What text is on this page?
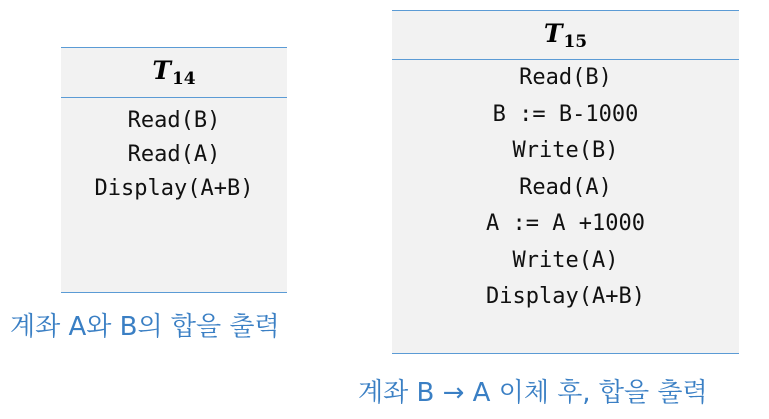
$T_{14}$
Read(B)
Read(A)
Display(A+B)
$T_{15}$
Read(B)
B := B-1000
Write(B)
Read(A)
A := A +1000
Write(A)
Display(A+B)
계좌 A와 B의 합을 출력
계좌 B → A 이체 후, 합을 출력
